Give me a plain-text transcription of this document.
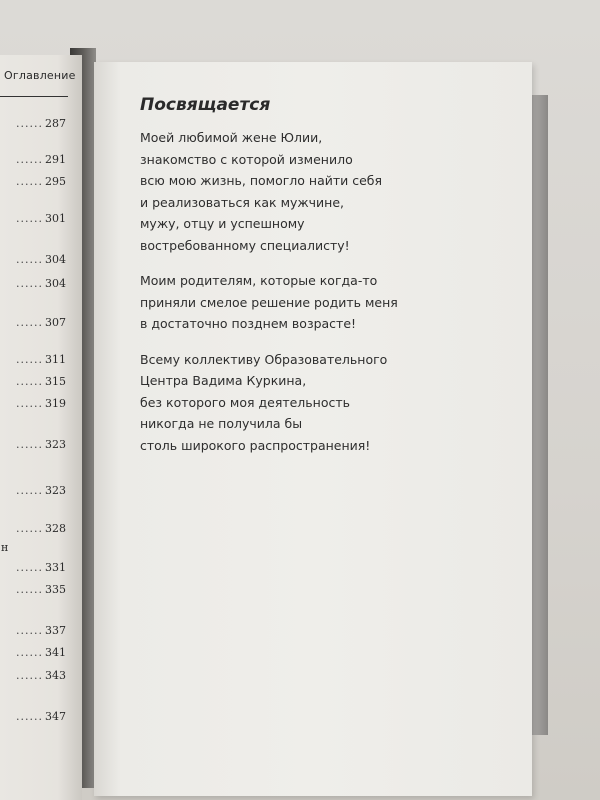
Оглавление
...... 287
...... 291
...... 295
...... 301
...... 304
...... 304
...... 307
...... 311
...... 315
...... 319
...... 323
...... 323
...... 328
н
...... 331
...... 335
...... 337
...... 341
...... 343
...... 347
Посвящается
Моей любимой жене Юлии,
знакомство с которой изменило
всю мою жизнь, помогло найти себя
и реализоваться как мужчине,
мужу, отцу и успешному
востребованному специалисту!
Моим родителям, которые когда-то
приняли смелое решение родить меня
в достаточно позднем возрасте!
Всему коллективу Образовательного
Центра Вадима Куркина,
без которого моя деятельность
никогда не получила бы
столь широкого распространения!
